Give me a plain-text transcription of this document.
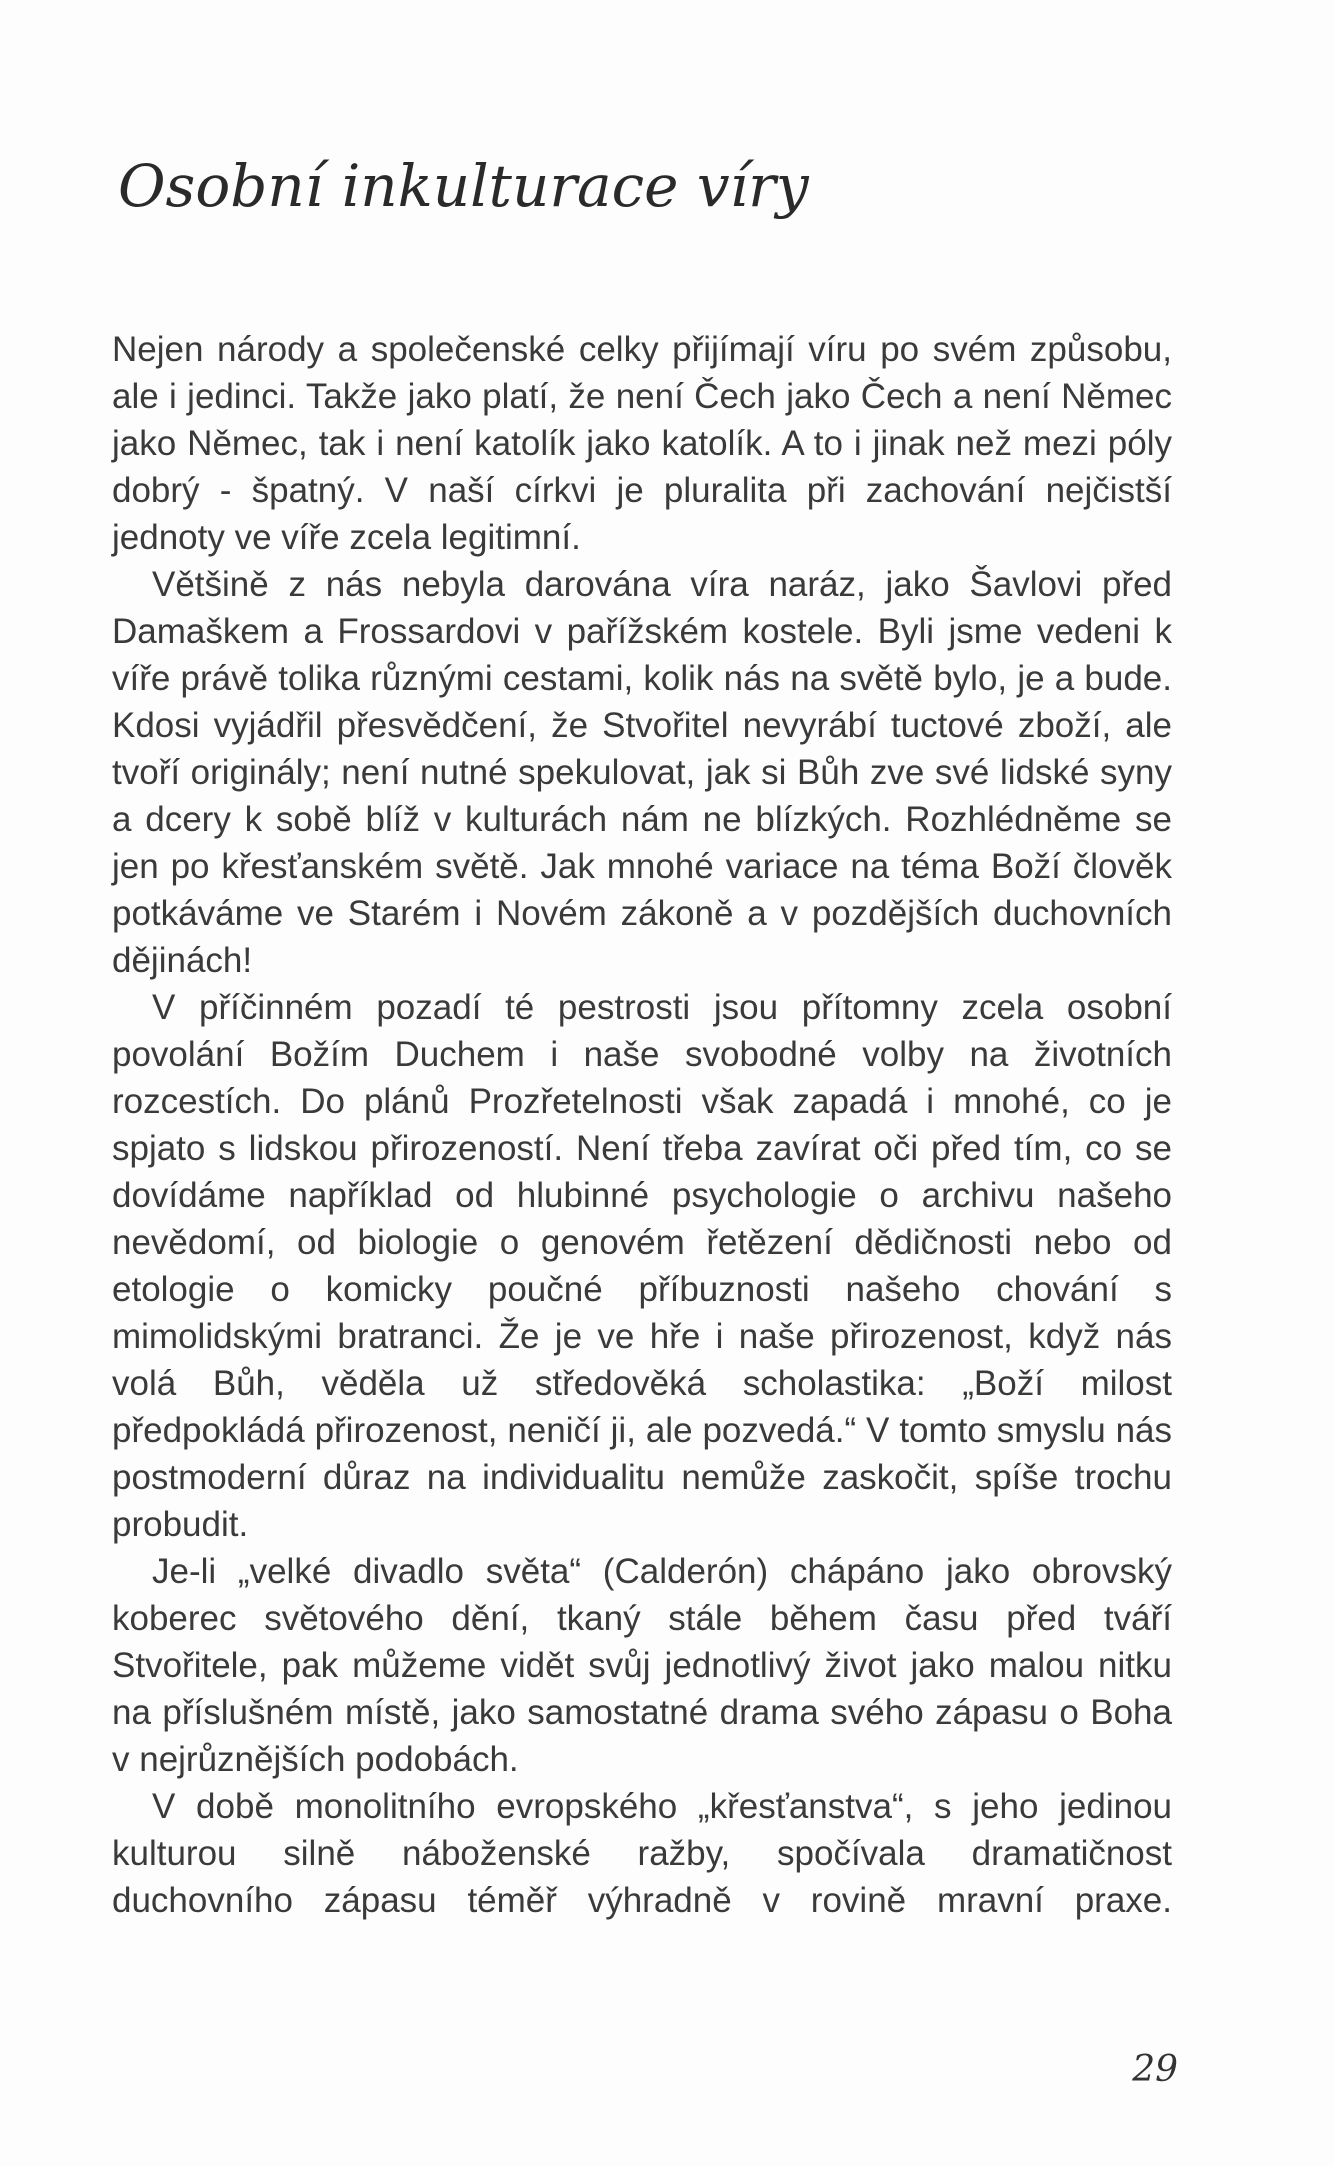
Osobní inkulturace víry

Nejen národy a společenské celky přijímají víru po svém způsobu, ale i jedinci. Takže jako platí, že není Čech jako Čech a není Němec jako Němec, tak i není katolík jako katolík. A to i jinak než mezi póly dobrý - špatný. V naší církvi je pluralita při zachování nejčistší jednoty ve víře zcela legitimní.

Většině z nás nebyla darována víra naráz, jako Šavlovi před Damaškem a Frossardovi v pařížském kostele. Byli jsme vedeni k víře právě tolika různými cestami, kolik nás na světě bylo, je a bude. Kdosi vyjádřil přesvědčení, že Stvořitel nevyrábí tuctové zboží, ale tvoří originály; není nutné spekulovat, jak si Bůh zve své lidské syny a dcery k sobě blíž v kulturách nám ne blízkých. Rozhlédněme se jen po křesťanském světě. Jak mnohé variace na téma Boží člověk potkáváme ve Starém i Novém zákoně a v pozdějších duchovních dějinách!

V příčinném pozadí té pestrosti jsou přítomny zcela osobní povolání Božím Duchem i naše svobodné volby na životních rozcestích. Do plánů Prozřetelnosti však zapadá i mnohé, co je spjato s lidskou přirozeností. Není třeba zavírat oči před tím, co se dovídáme například od hlubinné psychologie o archivu našeho nevědomí, od biologie o genovém řetězení dědičnosti nebo od etologie o komicky poučné příbuznosti našeho chování s mimolidskými bratranci. Že je ve hře i naše přirozenost, když nás volá Bůh, věděla už středověká scholastika: „Boží milost předpokládá přirozenost, neničí ji, ale pozvedá.“ V tomto smyslu nás postmoderní důraz na individualitu nemůže zaskočit, spíše trochu probudit.

Je-li „velké divadlo světa“ (Calderón) chápáno jako obrovský koberec světového dění, tkaný stále během času před tváří Stvořitele, pak můžeme vidět svůj jednotlivý život jako malou nitku na příslušném místě, jako samostatné drama svého zápasu o Boha v nejrůznějších podobách.

V době monolitního evropského „křesťanstva“, s jeho jedinou kulturou silně náboženské ražby, spočívala dramatičnost duchovního zápasu téměř výhradně v rovině mravní praxe.

29
